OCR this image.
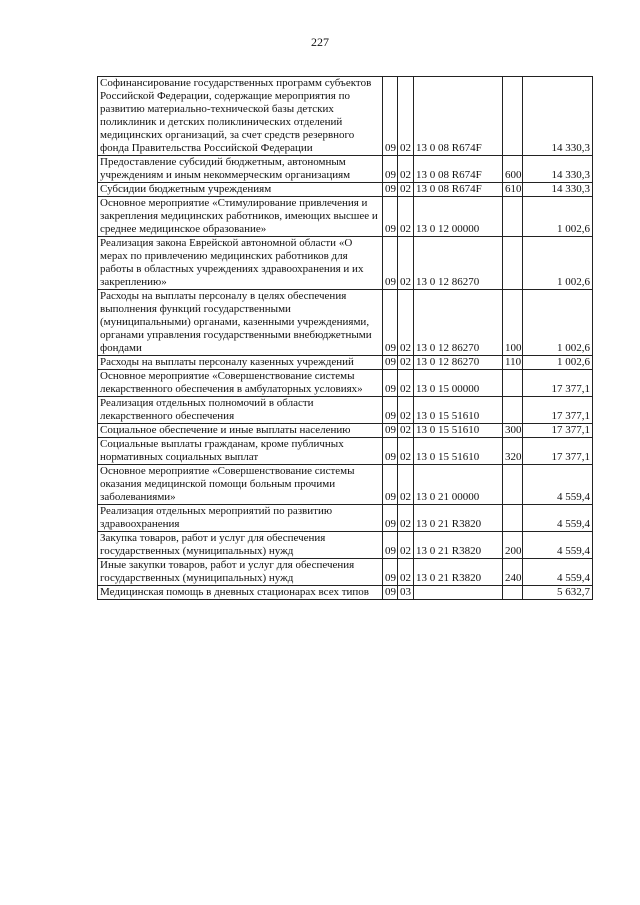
227
Софинансирование государственных программ субъектов Российской Федерации, содержащие мероприятия по развитию материально-технической базы детских поликлиник и детских поликлинических отделений медицинских организаций, за счет средств резервного фонда Правительства Российской Федерации	09	02	13 0 08 R674F		14 330,3
Предоставление субсидий бюджетным, автономным учреждениям и иным некоммерческим организациям	09	02	13 0 08 R674F	600	14 330,3
Субсидии бюджетным учреждениям	09	02	13 0 08 R674F	610	14 330,3
Основное мероприятие «Стимулирование привлечения и закрепления медицинских работников, имеющих высшее и среднее медицинское образование»	09	02	13 0 12 00000		1 002,6
Реализация закона Еврейской автономной области «О мерах по привлечению медицинских работников для работы в областных учреждениях здравоохранения и их закреплению»	09	02	13 0 12 86270		1 002,6
Расходы на выплаты персоналу в целях обеспечения выполнения функций государственными (муниципальными) органами, казенными учреждениями, органами управления государственными внебюджетными фондами	09	02	13 0 12 86270	100	1 002,6
Расходы на выплаты персоналу казенных учреждений	09	02	13 0 12 86270	110	1 002,6
Основное мероприятие «Совершенствование системы лекарственного обеспечения в амбулаторных условиях»	09	02	13 0 15 00000		17 377,1
Реализация отдельных полномочий в области лекарственного обеспечения	09	02	13 0 15 51610		17 377,1
Социальное обеспечение и иные выплаты населению	09	02	13 0 15 51610	300	17 377,1
Социальные выплаты гражданам, кроме публичных нормативных социальных выплат	09	02	13 0 15 51610	320	17 377,1
Основное мероприятие «Совершенствование системы оказания медицинской помощи больным прочими заболеваниями»	09	02	13 0 21 00000		4 559,4
Реализация отдельных мероприятий по развитию здравоохранения	09	02	13 0 21 R3820		4 559,4
Закупка товаров, работ и услуг для обеспечения государственных (муниципальных) нужд	09	02	13 0 21 R3820	200	4 559,4
Иные закупки товаров, работ и услуг для обеспечения государственных (муниципальных) нужд	09	02	13 0 21 R3820	240	4 559,4
Медицинская помощь в дневных стационарах всех типов	09	03			5 632,7
